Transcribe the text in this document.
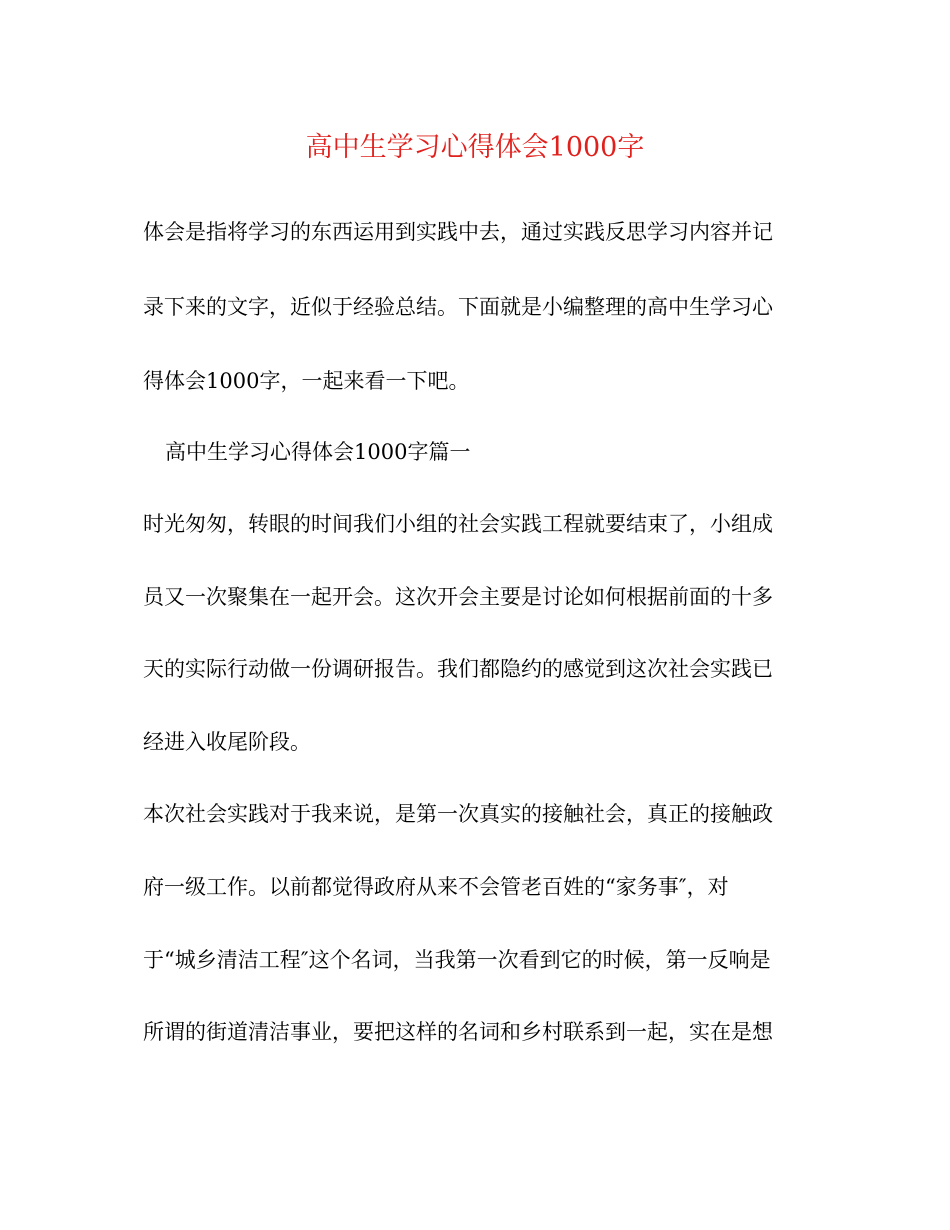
高中生学习心得体会1000字
体会是指将学习的东西运用到实践中去，通过实践反思学习内容并记
录下来的文字，近似于经验总结。下面就是小编整理的高中生学习心
得体会1000字，一起来看一下吧。
高中生学习心得体会1000字篇一
时光匆匆，转眼的时间我们小组的社会实践工程就要结束了，小组成
员又一次聚集在一起开会。这次开会主要是讨论如何根据前面的十多
天的实际行动做一份调研报告。我们都隐约的感觉到这次社会实践已
经进入收尾阶段。
本次社会实践对于我来说，是第一次真实的接触社会，真正的接触政
府一级工作。以前都觉得政府从来不会管老百姓的“家务事″，对
于“城乡清洁工程″这个名词，当我第一次看到它的时候，第一反响是
所谓的街道清洁事业，要把这样的名词和乡村联系到一起，实在是想
